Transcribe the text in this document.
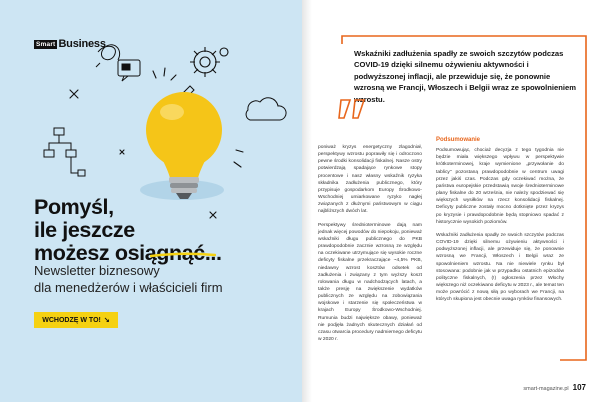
Smart Business
Pomyśl,
ile jeszcze
możesz osiągnąć...
Newsletter biznesowy
dla menedżerów i właścicieli firm
WCHODZĘ W TO! ↘
Wskaźniki zadłużenia spadły ze swoich szczytów podczas COVID-19 dzięki silnemu ożywieniu aktywności i podwyższonej inflacji, ale przewiduje się, że ponownie wzrosną we Francji, Włoszech i Belgii wraz ze spowolnieniem wzrostu.

poniważ kryzys energetyczny zlagodniał, perspektywy wzrostu poprawiły się i odroczono pewne środki konsolidacji fiskalnej. Nasze ostry potwierdzają spadające rynkowe stopy procentowe i nasz własny wskaźnik ryzyka składnika zadłużenia publicznego, który przypisuje gospodarkom Europy Środkowo-Wschodniej umiarkowane ryzyko nagłej związanych z dłużnymi państwowym w ciągu najbliższych dwóch lat.

Perspektywy średnioterminowe dają nam jednak więcej powodów do niepokoju, ponieważ wskaźniki długu publicznego do PKB prawdopodobnie zacznie wzrosną ze względu na oczekiwane utrzymujące się wysokie roczne deficyty fiskalne przekraczające ~4,5% PKB, niedawny wzrost kosztów odsetek od zadłużenia i związany z tym wyższy koszt rolowania długu w nadchodzących latach, a także presję na zwiększenie wydatków publicznych ze względu na zobowiązania wojskowe i starzenie się społeczeństwa w krajach Europy Środkowo-Wschodniej. Rumunia budzi największe obawy, ponieważ nie podjęła żadnych skutecznych działań od czasu otwarcia procedury nadmiernego deficytu w 2020 r.

Podsumowanie

Podsumowując, chociaż decyzja z tego tygodnia nie będzie miała większego wpływu w perspektywie krótkoterminowej, kraje wymienione „przywołanie do tablicy" pozostaną prawdopodobnie w centrum uwagi przez jakiś czas. Podczas gdy oczekiwać można, że państwa europejskie przedstawią swoje średnioterminowe plany fiskalne do 20 września, nie należy spodziewać się większych wysiłków na rzecz konsolidacji fiskalnej. Deficyty publiczne zostały mocno dotknięte przez kryzys po kryzysie i prawdopodobnie będą stopniowo spadać z historycznie wysokich poziomów.

Wskaźniki zadłużenia spadły ze swoich szczytów podczas COVID-19 dzięki silnemu ożywieniu aktywności i podwyższonej inflacji, ale przewiduje się, że ponownie wzrosną we Francji, Włoszech i Belgii wraz ze spowolnieniem wzrostu. Na nie niewiele rynku był stosowana: podobnie jak w przypadku ostatnich epizodów polityczne fiskalnych, (!) ogłoszenia przez Włochy większego niż oczekiwano deficytu w 2023 r., ale temat ten może powrócić z nową siłą po wyborach we Francji, na których skupiona jest obecnie uwaga rynków finansowych.

smart-magazine.pl 107
